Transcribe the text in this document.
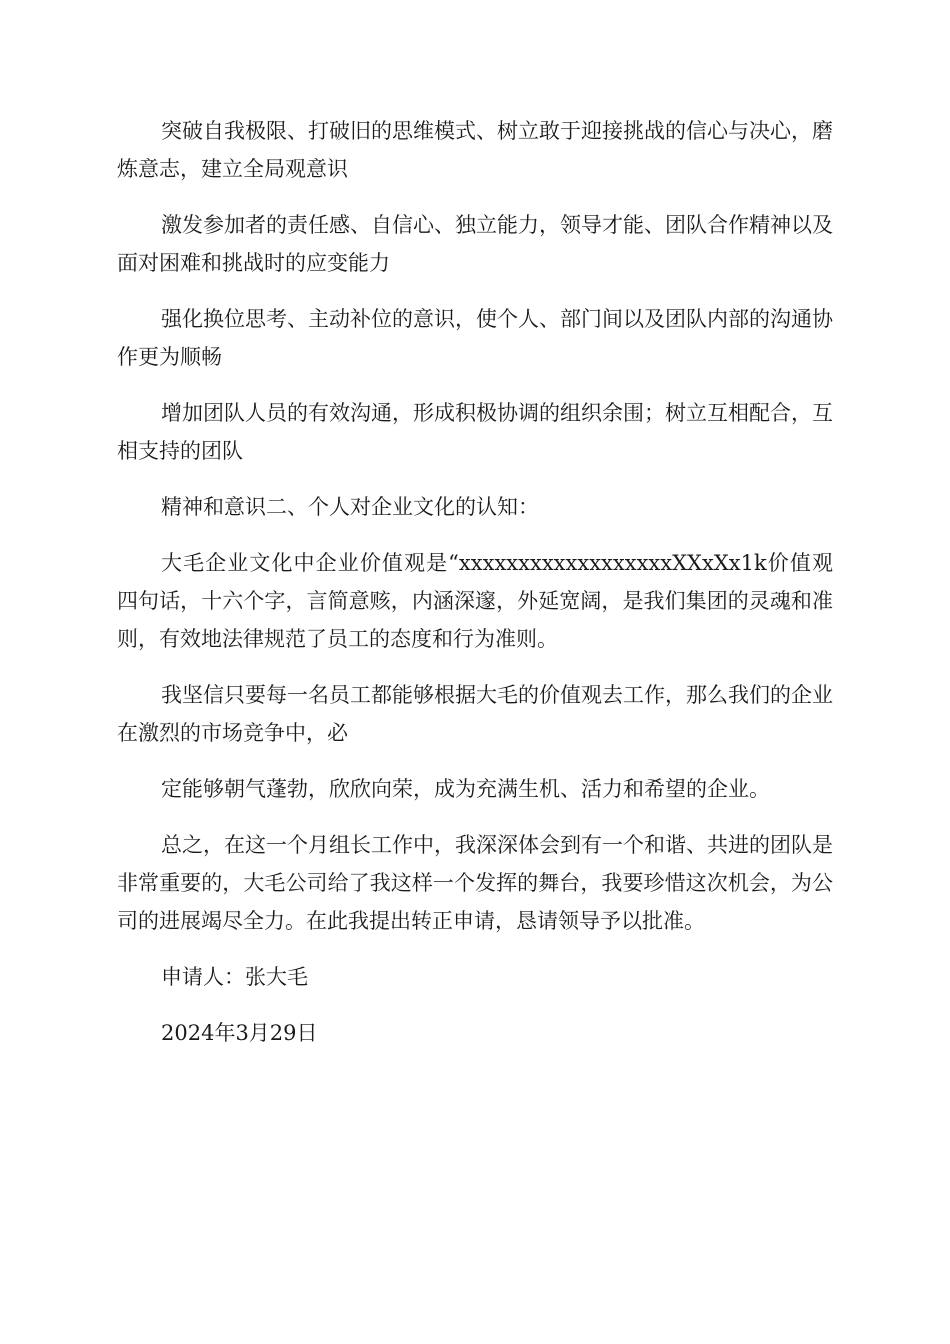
突破自我极限、打破旧的思维模式、树立敢于迎接挑战的信心与决心，磨炼意志，建立全局观意识

激发参加者的责任感、自信心、独立能力，领导才能、团队合作精神以及面对困难和挑战时的应变能力

强化换位思考、主动补位的意识，使个人、部门间以及团队内部的沟通协作更为顺畅

增加团队人员的有效沟通，形成积极协调的组织余围；树立互相配合，互相支持的团队

精神和意识二、个人对企业文化的认知：

大毛企业文化中企业价值观是“xxxxxxxxxxxxxxxxxxXXxXx1k价值观四句话，十六个字，言简意赅，内涵深邃，外延宽阔，是我们集团的灵魂和准则，有效地法律规范了员工的态度和行为准则。

我坚信只要每一名员工都能够根据大毛的价值观去工作，那么我们的企业在激烈的市场竞争中，必

定能够朝气蓬勃，欣欣向荣，成为充满生机、活力和希望的企业。

总之，在这一个月组长工作中，我深深体会到有一个和谐、共进的团队是非常重要的，大毛公司给了我这样一个发挥的舞台，我要珍惜这次机会，为公司的进展竭尽全力。在此我提出转正申请，恳请领导予以批准。

申请人：张大毛

2024年3月29日
